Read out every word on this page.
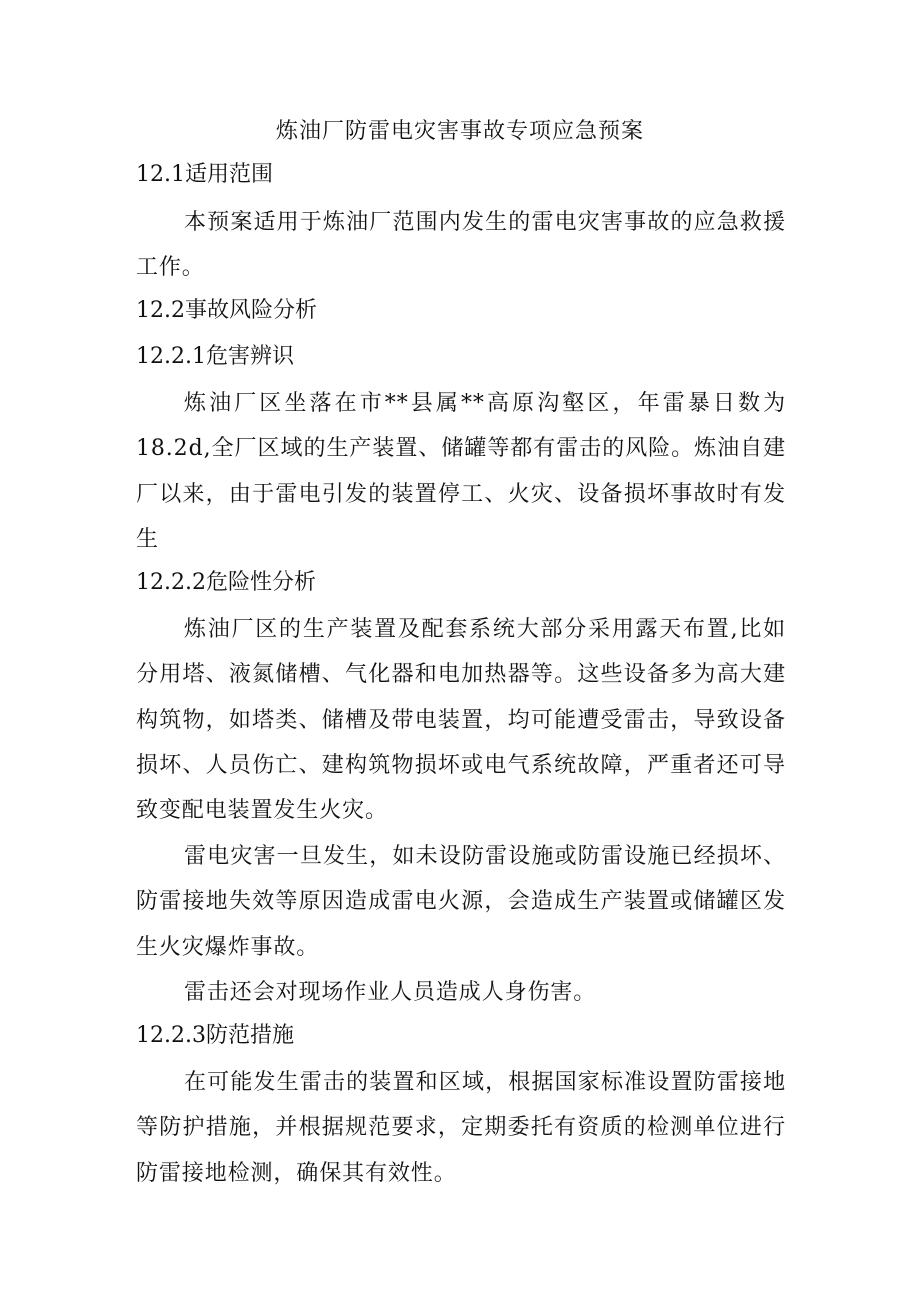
炼油厂防雷电灾害事故专项应急预案
12.1适用范围

本预案适用于炼油厂范围内发生的雷电灾害事故的应急救援工作。

12.2事故风险分析
12.2.1危害辨识

炼油厂区坐落在市**县属**高原沟壑区，年雷暴日数为18.2d,全厂区域的生产装置、储罐等都有雷击的风险。炼油自建厂以来，由于雷电引发的装置停工、火灾、设备损坏事故时有发生

12.2.2危险性分析

炼油厂区的生产装置及配套系统大部分采用露天布置,比如分用塔、液氮储槽、气化器和电加热器等。这些设备多为高大建构筑物，如塔类、储槽及带电装置，均可能遭受雷击，导致设备损坏、人员伤亡、建构筑物损坏或电气系统故障，严重者还可导致变配电装置发生火灾。

雷电灾害一旦发生，如未设防雷设施或防雷设施已经损坏、防雷接地失效等原因造成雷电火源，会造成生产装置或储罐区发生火灾爆炸事故。

雷击还会对现场作业人员造成人身伤害。

12.2.3防范措施

在可能发生雷击的装置和区域，根据国家标准设置防雷接地等防护措施，并根据规范要求，定期委托有资质的检测单位进行防雷接地检测，确保其有效性。
